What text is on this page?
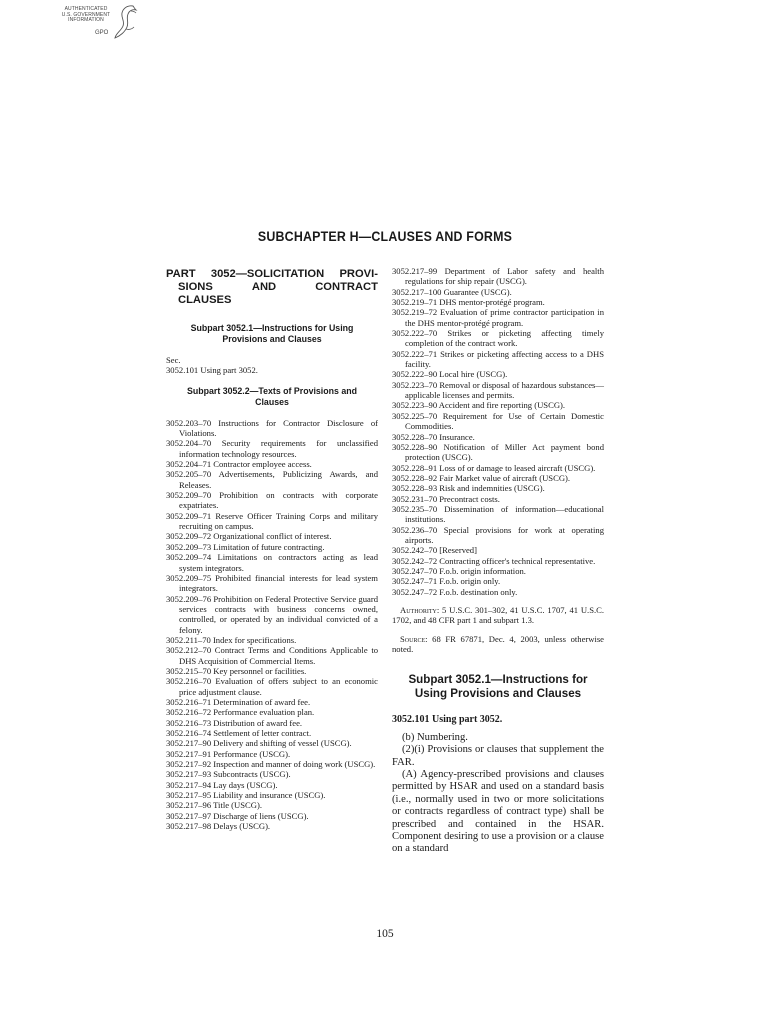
AUTHENTICATED
U.S. GOVERNMENT
INFORMATION
GPO
SUBCHAPTER H—CLAUSES AND FORMS
PART 3052—SOLICITATION PROVI-
SIONS	AND	CONTRACT
CLAUSES
Subpart 3052.1—Instructions for Using Provisions and Clauses

Sec.

3052.101 Using part 3052.

Subpart 3052.2—Texts of Provisions and Clauses

3052.203–70 Instructions for Contractor Disclosure of Violations.

3052.204–70 Security requirements for unclassified information technology resources.

3052.204–71 Contractor employee access.

3052.205–70 Advertisements, Publicizing Awards, and Releases.

3052.209–70 Prohibition on contracts with corporate expatriates.

3052.209–71 Reserve Officer Training Corps and military recruiting on campus.

3052.209–72 Organizational conflict of interest.

3052.209–73 Limitation of future contracting.

3052.209–74 Limitations on contractors acting as lead system integrators.

3052.209–75 Prohibited financial interests for lead system integrators.

3052.209–76 Prohibition on Federal Protective Service guard services contracts with business concerns owned, controlled, or operated by an individual convicted of a felony.

3052.211–70 Index for specifications.

3052.212–70 Contract Terms and Conditions Applicable to DHS Acquisition of Commercial Items.

3052.215–70 Key personnel or facilities.

3052.216–70 Evaluation of offers subject to an economic price adjustment clause.

3052.216–71 Determination of award fee.

3052.216–72 Performance evaluation plan.

3052.216–73 Distribution of award fee.

3052.216–74 Settlement of letter contract.

3052.217–90 Delivery and shifting of vessel (USCG).

3052.217–91 Performance (USCG).

3052.217–92 Inspection and manner of doing work (USCG).

3052.217–93 Subcontracts (USCG).

3052.217–94 Lay days (USCG).

3052.217–95 Liability and insurance (USCG).

3052.217–96 Title (USCG).

3052.217–97 Discharge of liens (USCG).

3052.217–98 Delays (USCG).

3052.217–99 Department of Labor safety and health regulations for ship repair (USCG).

3052.217–100 Guarantee (USCG).

3052.219–71 DHS mentor-protégé program.

3052.219–72 Evaluation of prime contractor participation in the DHS mentor-protégé program.

3052.222–70 Strikes or picketing affecting timely completion of the contract work.

3052.222–71 Strikes or picketing affecting access to a DHS facility.

3052.222–90 Local hire (USCG).

3052.223–70 Removal or disposal of hazardous substances—applicable licenses and permits.

3052.223–90 Accident and fire reporting (USCG).

3052.225–70 Requirement for Use of Certain Domestic Commodities.

3052.228–70 Insurance.

3052.228–90 Notification of Miller Act payment bond protection (USCG).

3052.228–91 Loss of or damage to leased aircraft (USCG).

3052.228–92 Fair Market value of aircraft (USCG).

3052.228–93 Risk and indemnities (USCG).

3052.231–70 Precontract costs.

3052.235–70 Dissemination of information—educational institutions.

3052.236–70 Special provisions for work at operating airports.

3052.242–70 [Reserved]

3052.242–72 Contracting officer's technical representative.

3052.247–70 F.o.b. origin information.

3052.247–71 F.o.b. origin only.

3052.247–72 F.o.b. destination only.

Authority: 5 U.S.C. 301–302, 41 U.S.C. 1707, 41 U.S.C. 1702, and 48 CFR part 1 and subpart 1.3.

Source: 68 FR 67871, Dec. 4, 2003, unless otherwise noted.

Subpart 3052.1—Instructions for Using Provisions and Clauses
3052.101 Using part 3052.

(b) Numbering.

(2)(i) Provisions or clauses that supplement the FAR.

(A) Agency-prescribed provisions and clauses permitted by HSAR and used on a standard basis (i.e., normally used in two or more solicitations or contracts regardless of contract type) shall be prescribed and contained in the HSAR. Component desiring to use a provision or a clause on a standard

105
